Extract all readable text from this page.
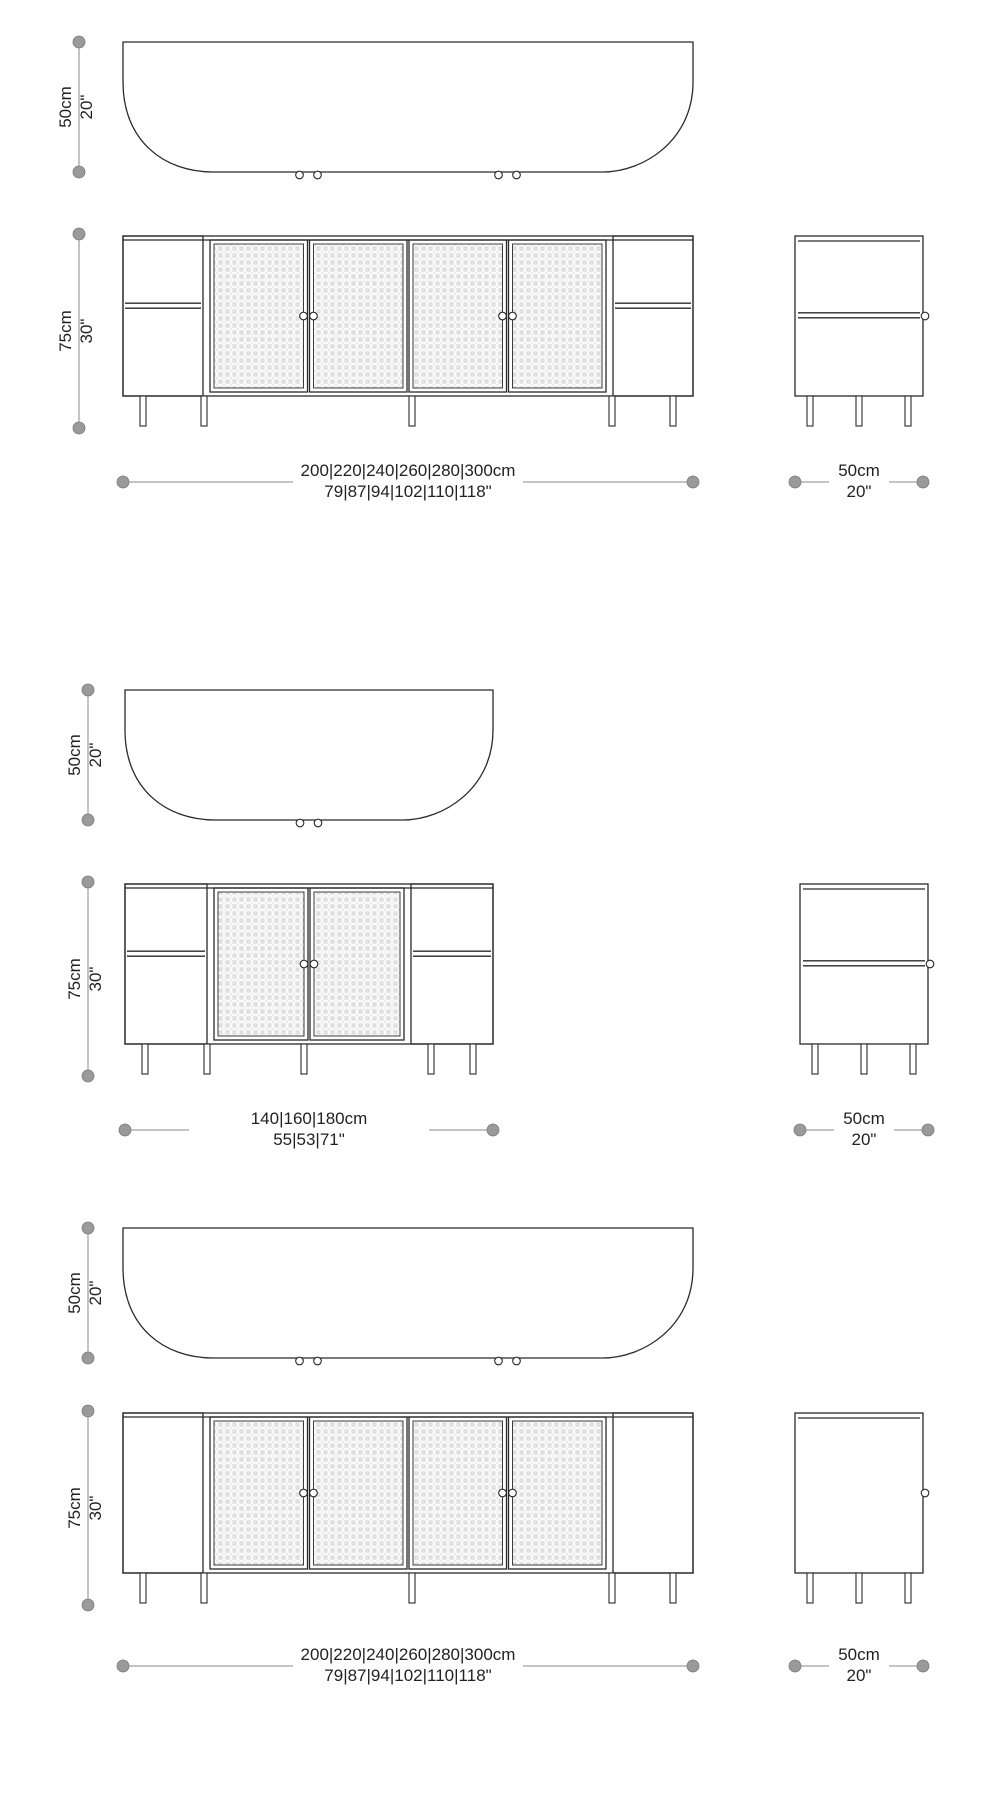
50cm 20"
75cm 30"
200|220|240|260|280|300cm
79|87|94|102|110|118"
50cm
20"
50cm 20"
75cm 30"
140|160|180cm
55|53|71"
50cm
20"
50cm 20"
75cm 30"
200|220|240|260|280|300cm
79|87|94|102|110|118"
50cm
20"
